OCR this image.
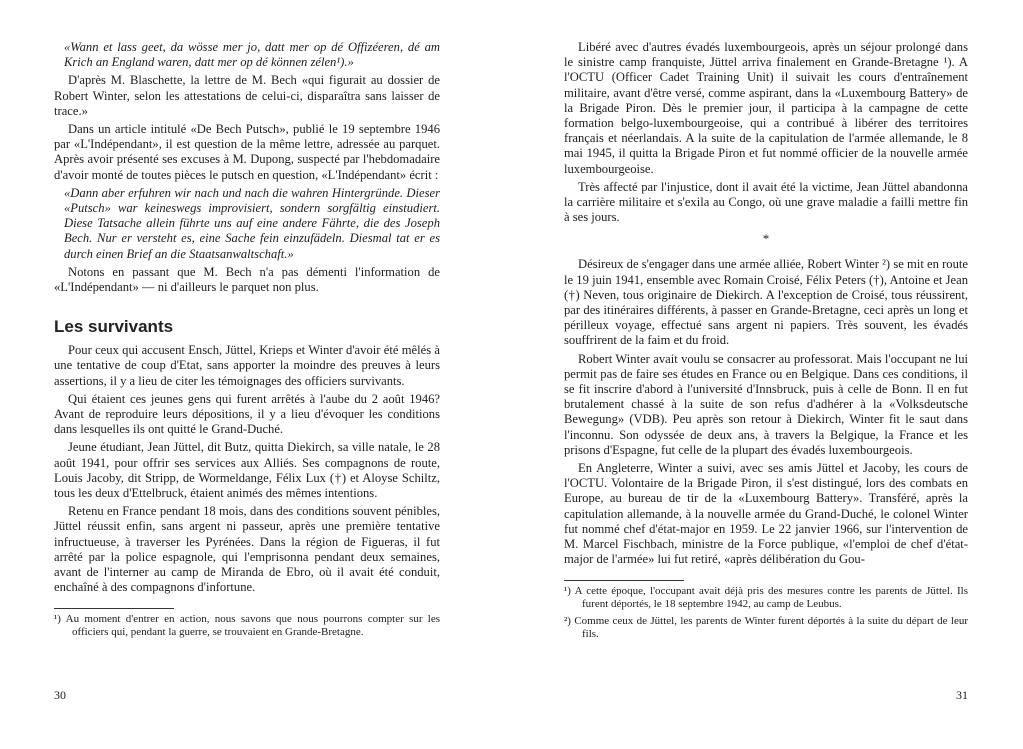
«Wann et lass geet, da wösse mer jo, datt mer op dé Offizéeren, dé am Krich an England waren, datt mer op dé können zélen¹).»

D'après M. Blaschette, la lettre de M. Bech «qui figurait au dossier de Robert Winter, selon les attestations de celui-ci, disparaîtra sans laisser de trace.»

Dans un article intitulé «De Bech Putsch», publié le 19 septembre 1946 par «L'Indépendant», il est question de la même lettre, adressée au parquet. Après avoir présenté ses excuses à M. Dupong, suspecté par l'hebdomadaire d'avoir monté de toutes pièces le putsch en question, «L'Indépendant» écrit :

«Dann aber erfuhren wir nach und nach die wahren Hintergründe. Dieser «Putsch» war keineswegs improvisiert, sondern sorgfältig einstudiert. Diese Tatsache allein führte uns auf eine andere Fährte, die des Joseph Bech. Nur er versteht es, eine Sache fein einzufädeln. Diesmal tat er es durch einen Brief an die Staatsanwaltschaft.»

Notons en passant que M. Bech n'a pas démenti l'information de «L'Indépendant» — ni d'ailleurs le parquet non plus.

Les survivants

Pour ceux qui accusent Ensch, Jüttel, Krieps et Winter d'avoir été mêlés à une tentative de coup d'Etat, sans apporter la moindre des preuves à leurs assertions, il y a lieu de citer les témoignages des officiers survivants.

Qui étaient ces jeunes gens qui furent arrêtés à l'aube du 2 août 1946? Avant de reproduire leurs dépositions, il y a lieu d'évoquer les conditions dans lesquelles ils ont quitté le Grand-Duché.

Jeune étudiant, Jean Jüttel, dit Butz, quitta Diekirch, sa ville natale, le 28 août 1941, pour offrir ses services aux Alliés. Ses compagnons de route, Louis Jacoby, dit Stripp, de Wormeldange, Félix Lux (†) et Aloyse Schiltz, tous les deux d'Ettelbruck, étaient animés des mêmes intentions.

Retenu en France pendant 18 mois, dans des conditions souvent pénibles, Jüttel réussit enfin, sans argent ni passeur, après une première tentative infructueuse, à traverser les Pyrénées. Dans la région de Figueras, il fut arrêté par la police espagnole, qui l'emprisonna pendant deux semaines, avant de l'interner au camp de Miranda de Ebro, où il avait été conduit, enchaîné à des compagnons d'infortune.

¹) Au moment d'entrer en action, nous savons que nous pourrons compter sur les officiers qui, pendant la guerre, se trouvaient en Grande-Bretagne.

30

Libéré avec d'autres évadés luxembourgeois, après un séjour prolongé dans le sinistre camp franquiste, Jüttel arriva finalement en Grande-Bretagne ¹). A l'OCTU (Officer Cadet Training Unit) il suivait les cours d'entraînement militaire, avant d'être versé, comme aspirant, dans la «Luxembourg Battery» de la Brigade Piron. Dès le premier jour, il participa à la campagne de cette formation belgo-luxembourgeoise, qui a contribué à libérer des territoires français et néerlandais. A la suite de la capitulation de l'armée allemande, le 8 mai 1945, il quitta la Brigade Piron et fut nommé officier de la nouvelle armée luxembourgeoise.

Très affecté par l'injustice, dont il avait été la victime, Jean Jüttel abandonna la carrière militaire et s'exila au Congo, où une grave maladie a failli mettre fin à ses jours.

*

Désireux de s'engager dans une armée alliée, Robert Winter ²) se mit en route le 19 juin 1941, ensemble avec Romain Croisé, Félix Peters (†), Antoine et Jean (†) Neven, tous originaire de Diekirch. A l'exception de Croisé, tous réussirent, par des itinéraires différents, à passer en Grande-Bretagne, ceci après un long et périlleux voyage, effectué sans argent ni papiers. Très souvent, les évadés souffrirent de la faim et du froid.

Robert Winter avait voulu se consacrer au professorat. Mais l'occupant ne lui permit pas de faire ses études en France ou en Belgique. Dans ces conditions, il se fit inscrire d'abord à l'université d'Innsbruck, puis à celle de Bonn. Il en fut brutalement chassé à la suite de son refus d'adhérer à la «Volksdeutsche Bewegung» (VDB). Peu après son retour à Diekirch, Winter fit le saut dans l'inconnu. Son odyssée de deux ans, à travers la Belgique, la France et les prisons d'Espagne, fut celle de la plupart des évadés luxembourgeois.

En Angleterre, Winter a suivi, avec ses amis Jüttel et Jacoby, les cours de l'OCTU. Volontaire de la Brigade Piron, il s'est distingué, lors des combats en Europe, au bureau de tir de la «Luxembourg Battery». Transféré, après la capitulation allemande, à la nouvelle armée du Grand-Duché, le colonel Winter fut nommé chef d'état-major en 1959. Le 22 janvier 1966, sur l'intervention de M. Marcel Fischbach, ministre de la Force publique, «l'emploi de chef d'état-major de l'armée» lui fut retiré, «après délibération du Gou-

¹) A cette époque, l'occupant avait déjà pris des mesures contre les parents de Jüttel. Ils furent déportés, le 18 septembre 1942, au camp de Leubus.

²) Comme ceux de Jüttel, les parents de Winter furent déportés à la suite du départ de leur fils.

31
